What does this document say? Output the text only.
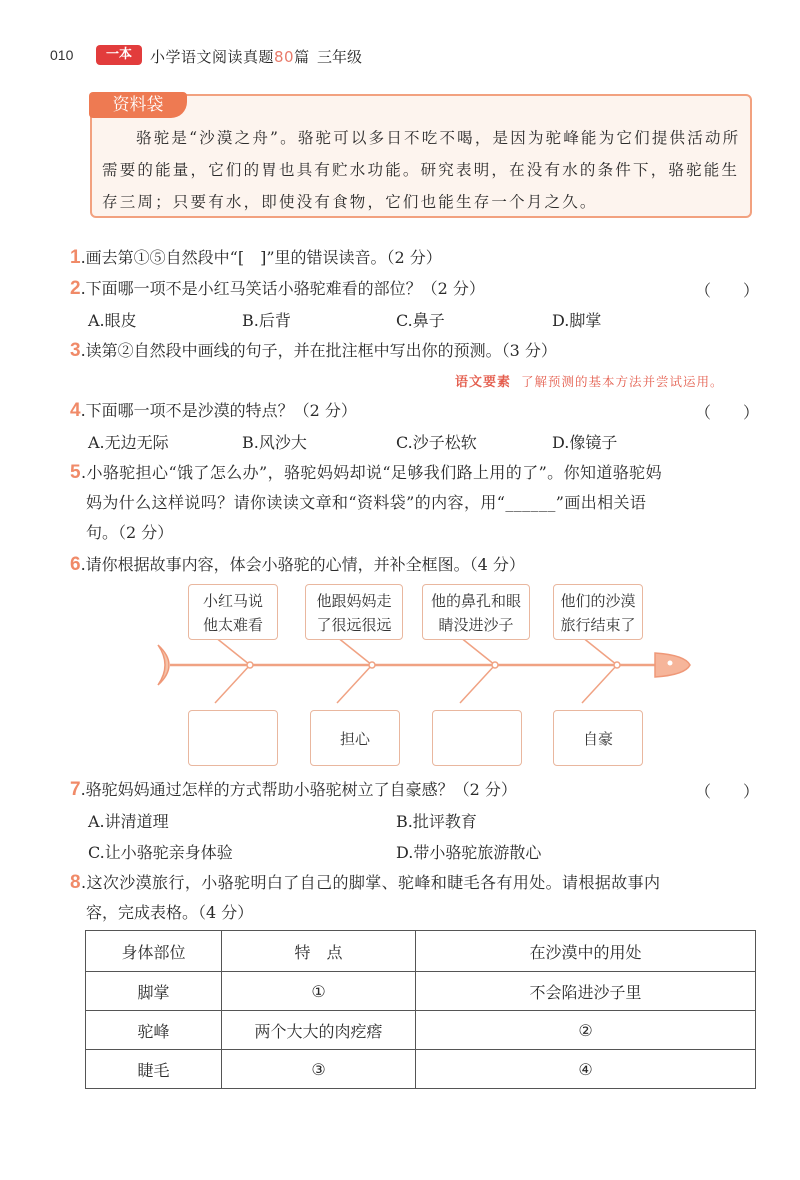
010	一本	小学语文阅读真题80篇 三年级
资料袋
骆驼是“沙漠之舟”。骆驼可以多日不吃不喝，是因为驼峰能为它们提供活动所需要的能量，它们的胃也具有贮水功能。研究表明，在没有水的条件下，骆驼能生存三周；只要有水，即使没有食物，它们也能生存一个月之久。
1.画去第①⑤自然段中“[　]”里的错误读音。（2 分）
2.下面哪一项不是小红马笑话小骆驼难看的部位？（2 分）	（　　）
A.眼皮	B.后背	C.鼻子	D.脚掌
3.读第②自然段中画线的句子，并在批注框中写出你的预测。（3 分）
语文要素 了解预测的基本方法并尝试运用。
4.下面哪一项不是沙漠的特点？（2 分）	（　　）
A.无边无际	B.风沙大	C.沙子松软	D.像镜子
5.小骆驼担心“饿了怎么办”，骆驼妈妈却说“足够我们路上用的了”。你知道骆驼妈
妈为什么这样说吗？请你读读文章和“资料袋”的内容，用“______”画出相关语
句。（2 分）
6.请你根据故事内容，体会小骆驼的心情，并补全框图。（4 分）
小红马说
他太难看
他跟妈妈走
了很远很远
他的鼻孔和眼
睛没进沙子
他们的沙漠
旅行结束了
担心	自豪
7.骆驼妈妈通过怎样的方式帮助小骆驼树立了自豪感？（2 分）	（　　）
A.讲清道理	B.批评教育
C.让小骆驼亲身体验	D.带小骆驼旅游散心
8.这次沙漠旅行，小骆驼明白了自己的脚掌、驼峰和睫毛各有用处。请根据故事内
容，完成表格。（4 分）
身体部位	特　点	在沙漠中的用处
脚掌	①	不会陷进沙子里
驼峰	两个大大的肉疙瘩	②
睫毛	③	④
